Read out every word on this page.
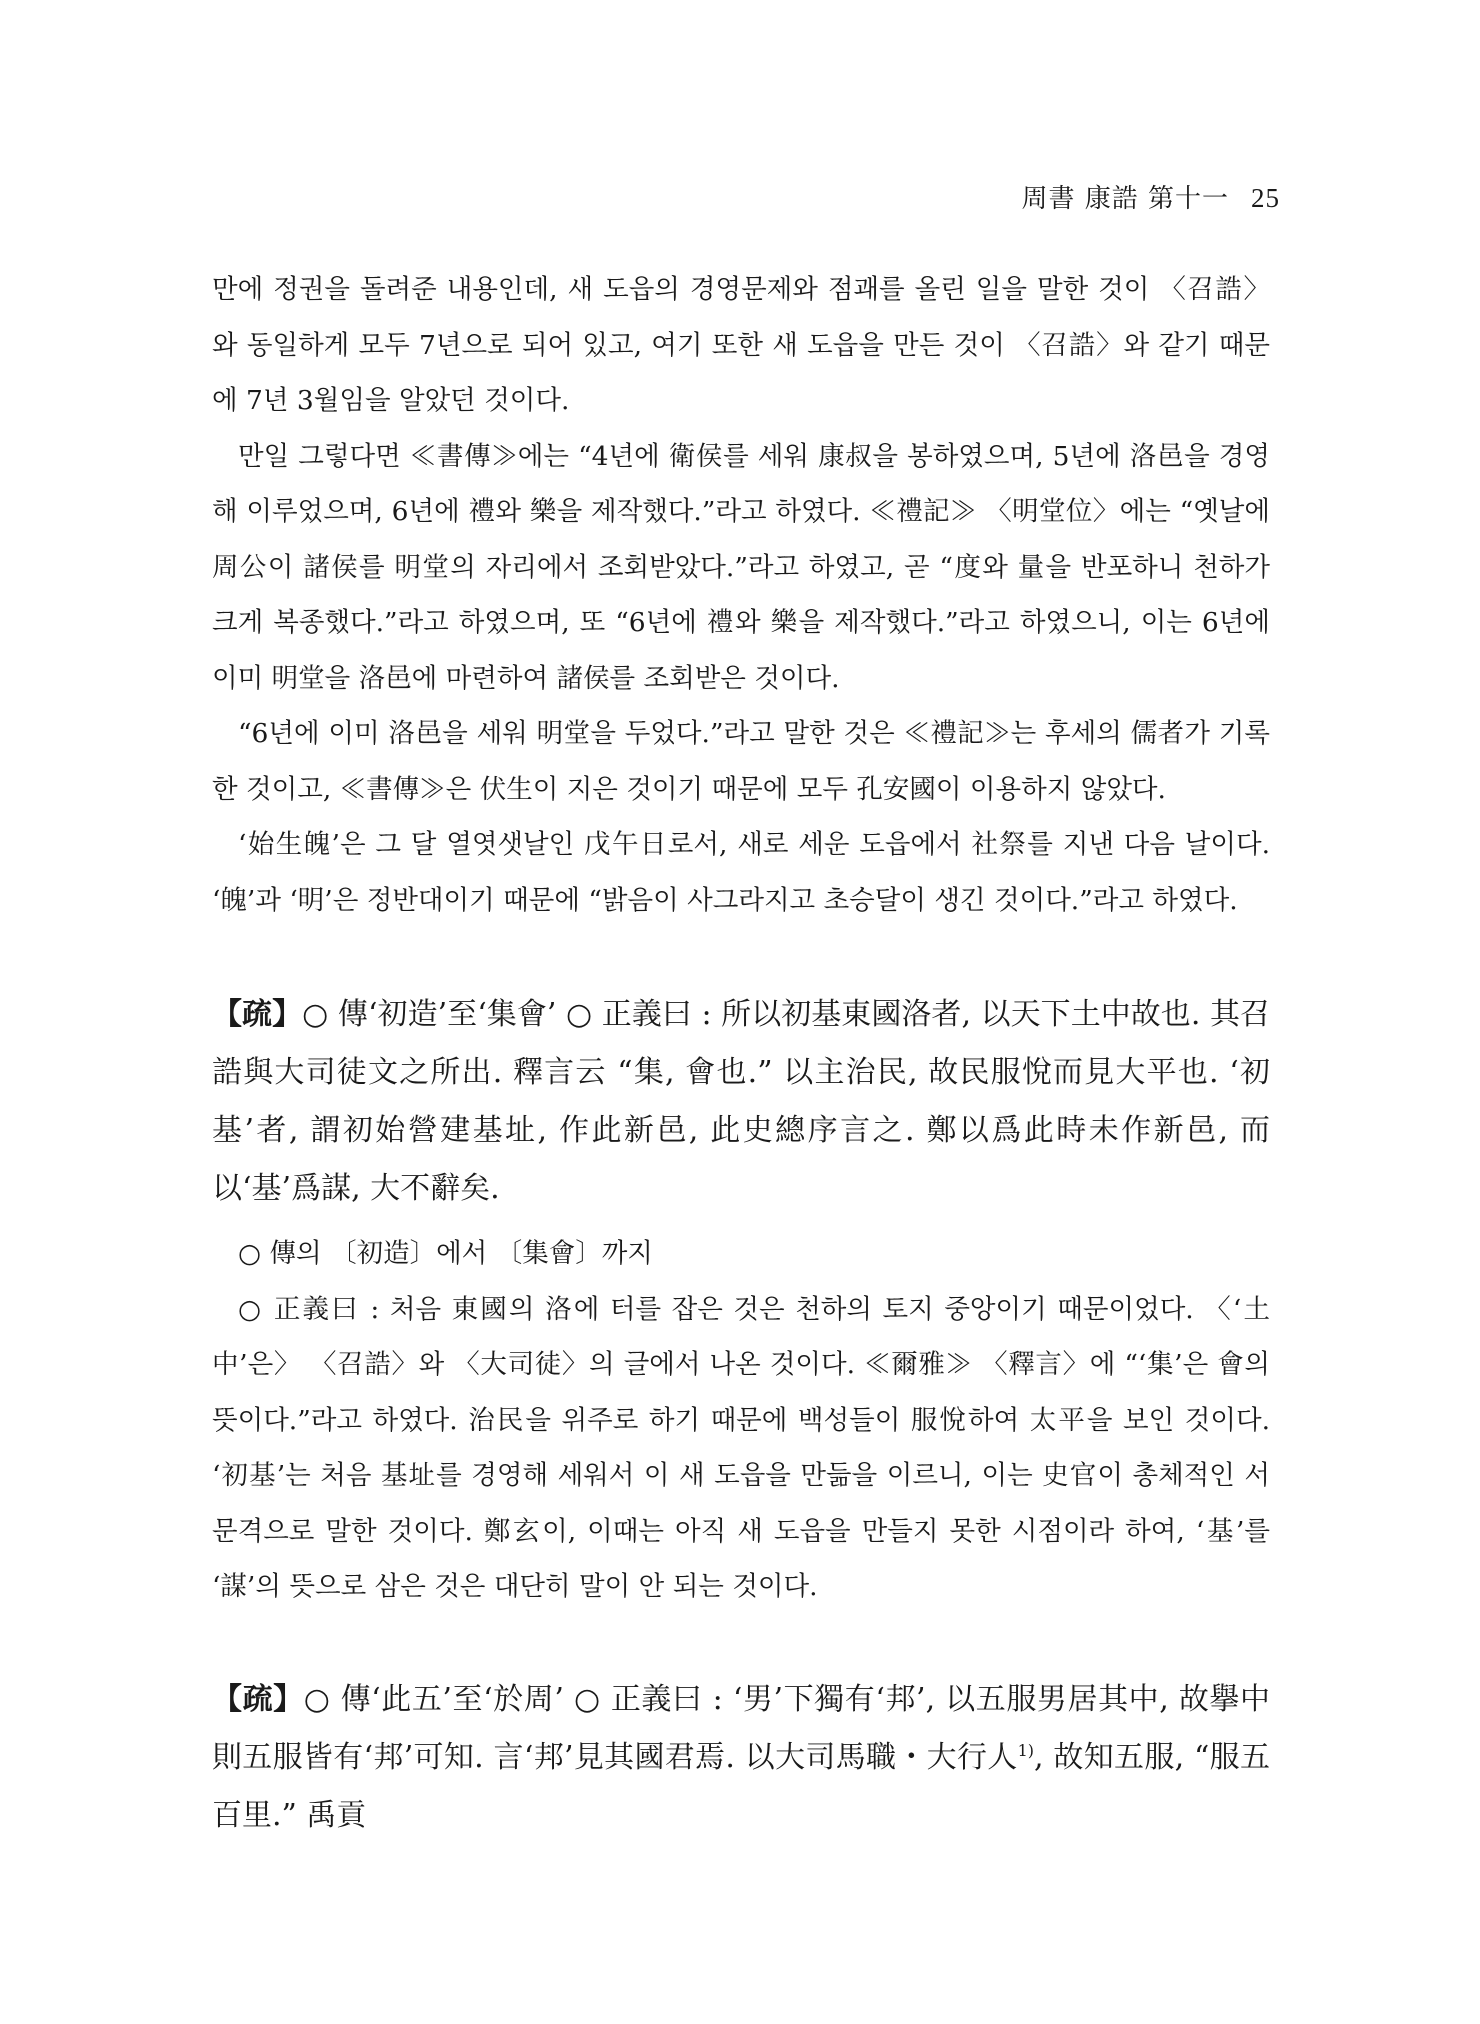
周書 康誥 第十一 25

만에 정권을 돌려준 내용인데, 새 도읍의 경영문제와 점괘를 올린 일을 말한 것이 〈召誥〉와 동일하게 모두 7년으로 되어 있고, 여기 또한 새 도읍을 만든 것이 〈召誥〉와 같기 때문에 7년 3월임을 알았던 것이다.

만일 그렇다면 ≪書傳≫에는 “4년에 衛侯를 세워 康叔을 봉하였으며, 5년에 洛邑을 경영해 이루었으며, 6년에 禮와 樂을 제작했다.”라고 하였다. ≪禮記≫ 〈明堂位〉에는 “옛날에 周公이 諸侯를 明堂의 자리에서 조회받았다.”라고 하였고, 곧 “度와 量을 반포하니 천하가 크게 복종했다.”라고 하였으며, 또 “6년에 禮와 樂을 제작했다.”라고 하였으니, 이는 6년에 이미 明堂을 洛邑에 마련하여 諸侯를 조회받은 것이다.

“6년에 이미 洛邑을 세워 明堂을 두었다.”라고 말한 것은 ≪禮記≫는 후세의 儒者가 기록한 것이고, ≪書傳≫은 伏生이 지은 것이기 때문에 모두 孔安國이 이용하지 않았다.

‘始生魄’은 그 달 열엿샛날인 戊午日로서, 새로 세운 도읍에서 社祭를 지낸 다음 날이다. ‘魄’과 ‘明’은 정반대이기 때문에 “밝음이 사그라지고 초승달이 생긴 것이다.”라고 하였다.

【疏】○ 傳‘初造’至‘集會’ ○ 正義曰 : 所以初基東國洛者, 以天下土中故也. 其召誥與大司徒文之所出. 釋言云 “集, 會也.” 以主治民, 故民服悅而見大平也. ‘初基’者, 謂初始營建基址, 作此新邑, 此史總序言之. 鄭以爲此時未作新邑, 而以‘基’爲謀, 大不辭矣.

○ 傳의 〔初造〕에서 〔集會〕까지

○ 正義曰 : 처음 東國의 洛에 터를 잡은 것은 천하의 토지 중앙이기 때문이었다. 〈‘土中’은〉 〈召誥〉와 〈大司徒〉의 글에서 나온 것이다. ≪爾雅≫ 〈釋言〉에 “‘集’은 會의 뜻이다.”라고 하였다. 治民을 위주로 하기 때문에 백성들이 服悅하여 太平을 보인 것이다. ‘初基’는 처음 基址를 경영해 세워서 이 새 도읍을 만듦을 이르니, 이는 史官이 총체적인 서문격으로 말한 것이다. 鄭玄이, 이때는 아직 새 도읍을 만들지 못한 시점이라 하여, ‘基’를 ‘謀’의 뜻으로 삼은 것은 대단히 말이 안 되는 것이다.

【疏】○ 傳‘此五’至‘於周’ ○ 正義曰 : ‘男’下獨有‘邦’, 以五服男居其中, 故擧中則五服皆有‘邦’可知. 言‘邦’見其國君焉. 以大司馬職・大行人$^{1)}$, 故知五服, “服五百里.” 禹貢
